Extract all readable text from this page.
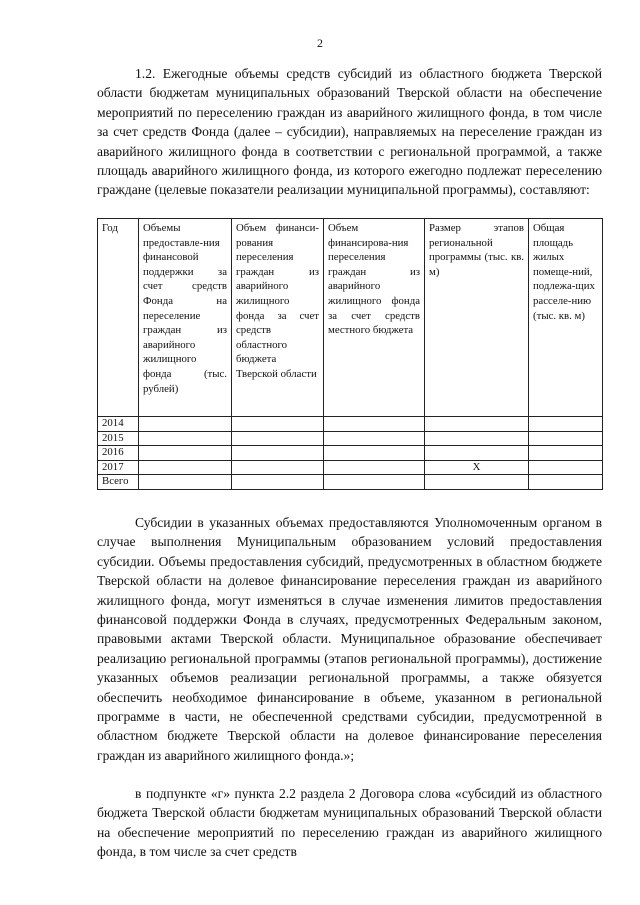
2

1.2. Ежегодные объемы средств субсидий из областного бюджета Тверской области бюджетам муниципальных образований Тверской области на обеспечение мероприятий по переселению граждан из аварийного жилищного фонда, в том числе за счет средств Фонда (далее – субсидии), направляемых на переселение граждан из аварийного жилищного фонда в соответствии с региональной программой, а также площадь аварийного жилищного фонда, из которого ежегодно подлежат переселению граждане (целевые показатели реализации муниципальной программы), составляют:

Год	Объемы предоставле-ния финансовой поддержки за счет средств Фонда на переселение граждан из аварийного жилищного фонда (тыс. рублей)	Объем финанси-рования переселения граждан из аварийного жилищного фонда за счет средств областного бюджета Тверской области	Объем финансирова-ния переселения граждан из аварийного жилищного фонда за счет средств местного бюджета	Размер этапов региональной программы (тыс. кв. м)	Общая площадь жилых помеще-ний, подлежа-щих расселе-нию (тыс. кв. м)
2014					
2015					
2016					
2017				X	
Всего					

Субсидии в указанных объемах предоставляются Уполномоченным органом в случае выполнения Муниципальным образованием условий предоставления субсидии. Объемы предоставления субсидий, предусмотренных в областном бюджете Тверской области на долевое финансирование переселения граждан из аварийного жилищного фонда, могут изменяться в случае изменения лимитов предоставления финансовой поддержки Фонда в случаях, предусмотренных Федеральным законом, правовыми актами Тверской области. Муниципальное образование обеспечивает реализацию региональной программы (этапов региональной программы), достижение указанных объемов реализации региональной программы, а также обязуется обеспечить необходимое финансирование в объеме, указанном в региональной программе в части, не обеспеченной средствами субсидии, предусмотренной в областном бюджете Тверской области на долевое финансирование переселения граждан из аварийного жилищного фонда.»;

в подпункте «г» пункта 2.2 раздела 2 Договора слова «субсидий из областного бюджета Тверской области бюджетам муниципальных образований Тверской области на обеспечение мероприятий по переселению граждан из аварийного жилищного фонда, в том числе за счет средств
